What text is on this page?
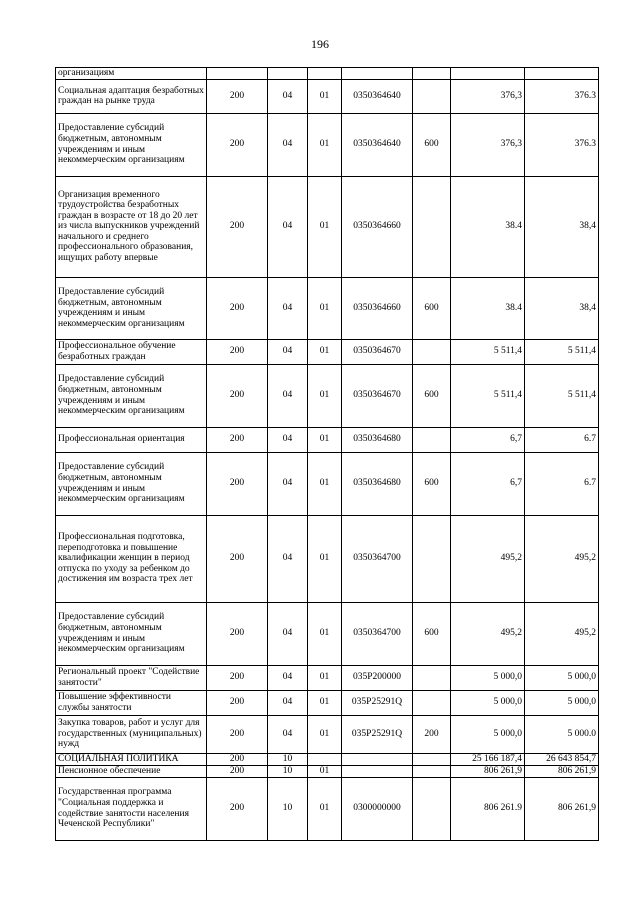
196
организациям							
Социальная адаптация безработных граждан на рынке труда	200	04	01	0350364640		376,3	376.3
Предоставление субсидий бюджетным, автономным учреждениям и иным некоммерческим организациям	200	04	01	0350364640	600	376,3	376.3
Организация временного трудоустройства безработных граждан в возрасте от 18 до 20 лет из числа выпускников учреждений начального и среднего профессионального образования, ищущих работу впервые	200	04	01	0350364660		38.4	38,4
Предоставление субсидий бюджетным, автономным учреждениям и иным некоммерческим организациям	200	04	01	0350364660	600	38.4	38,4
Профессиональное обучение безработных граждан	200	04	01	0350364670		5 511,4	5 511,4
Предоставление субсидий бюджетным, автономным учреждениям и иным некоммерческим организациям	200	04	01	0350364670	600	5 511,4	5 511,4
Профессиональная ориентация	200	04	01	0350364680		6,7	6.7
Предоставление субсидий бюджетным, автономным учреждениям и иным некоммерческим организациям	200	04	01	0350364680	600	6,7	6.7
Профессиональная подготовка, переподготовка и повышение квалификации женщин в период отпуска по уходу за ребенком до достижения им возраста трех лет	200	04	01	0350364700		495,2	495,2
Предоставление субсидий бюджетным, автономным учреждениям и иным некоммерческим организациям	200	04	01	0350364700	600	495,2	495,2
Региональный проект "Содействие занятости"	200	04	01	035P200000		5 000,0	5 000,0
Повышение эффективности службы занятости	200	04	01	035P25291Q		5 000,0	5 000,0
Закупка товаров, работ и услуг для государственных (муниципальных) нужд	200	04	01	035P25291Q	200	5 000,0	5 000.0
СОЦИАЛЬНАЯ ПОЛИТИКА	200	10				25 166 187,4	26 643 854,7
Пенсионное обеспечение	200	10	01			806 261,9	806 261,9
Государственная программа "Социальная поддержка и содействие занятости населения Чеченской Республики"	200	10	01	0300000000		806 261.9	806 261,9
